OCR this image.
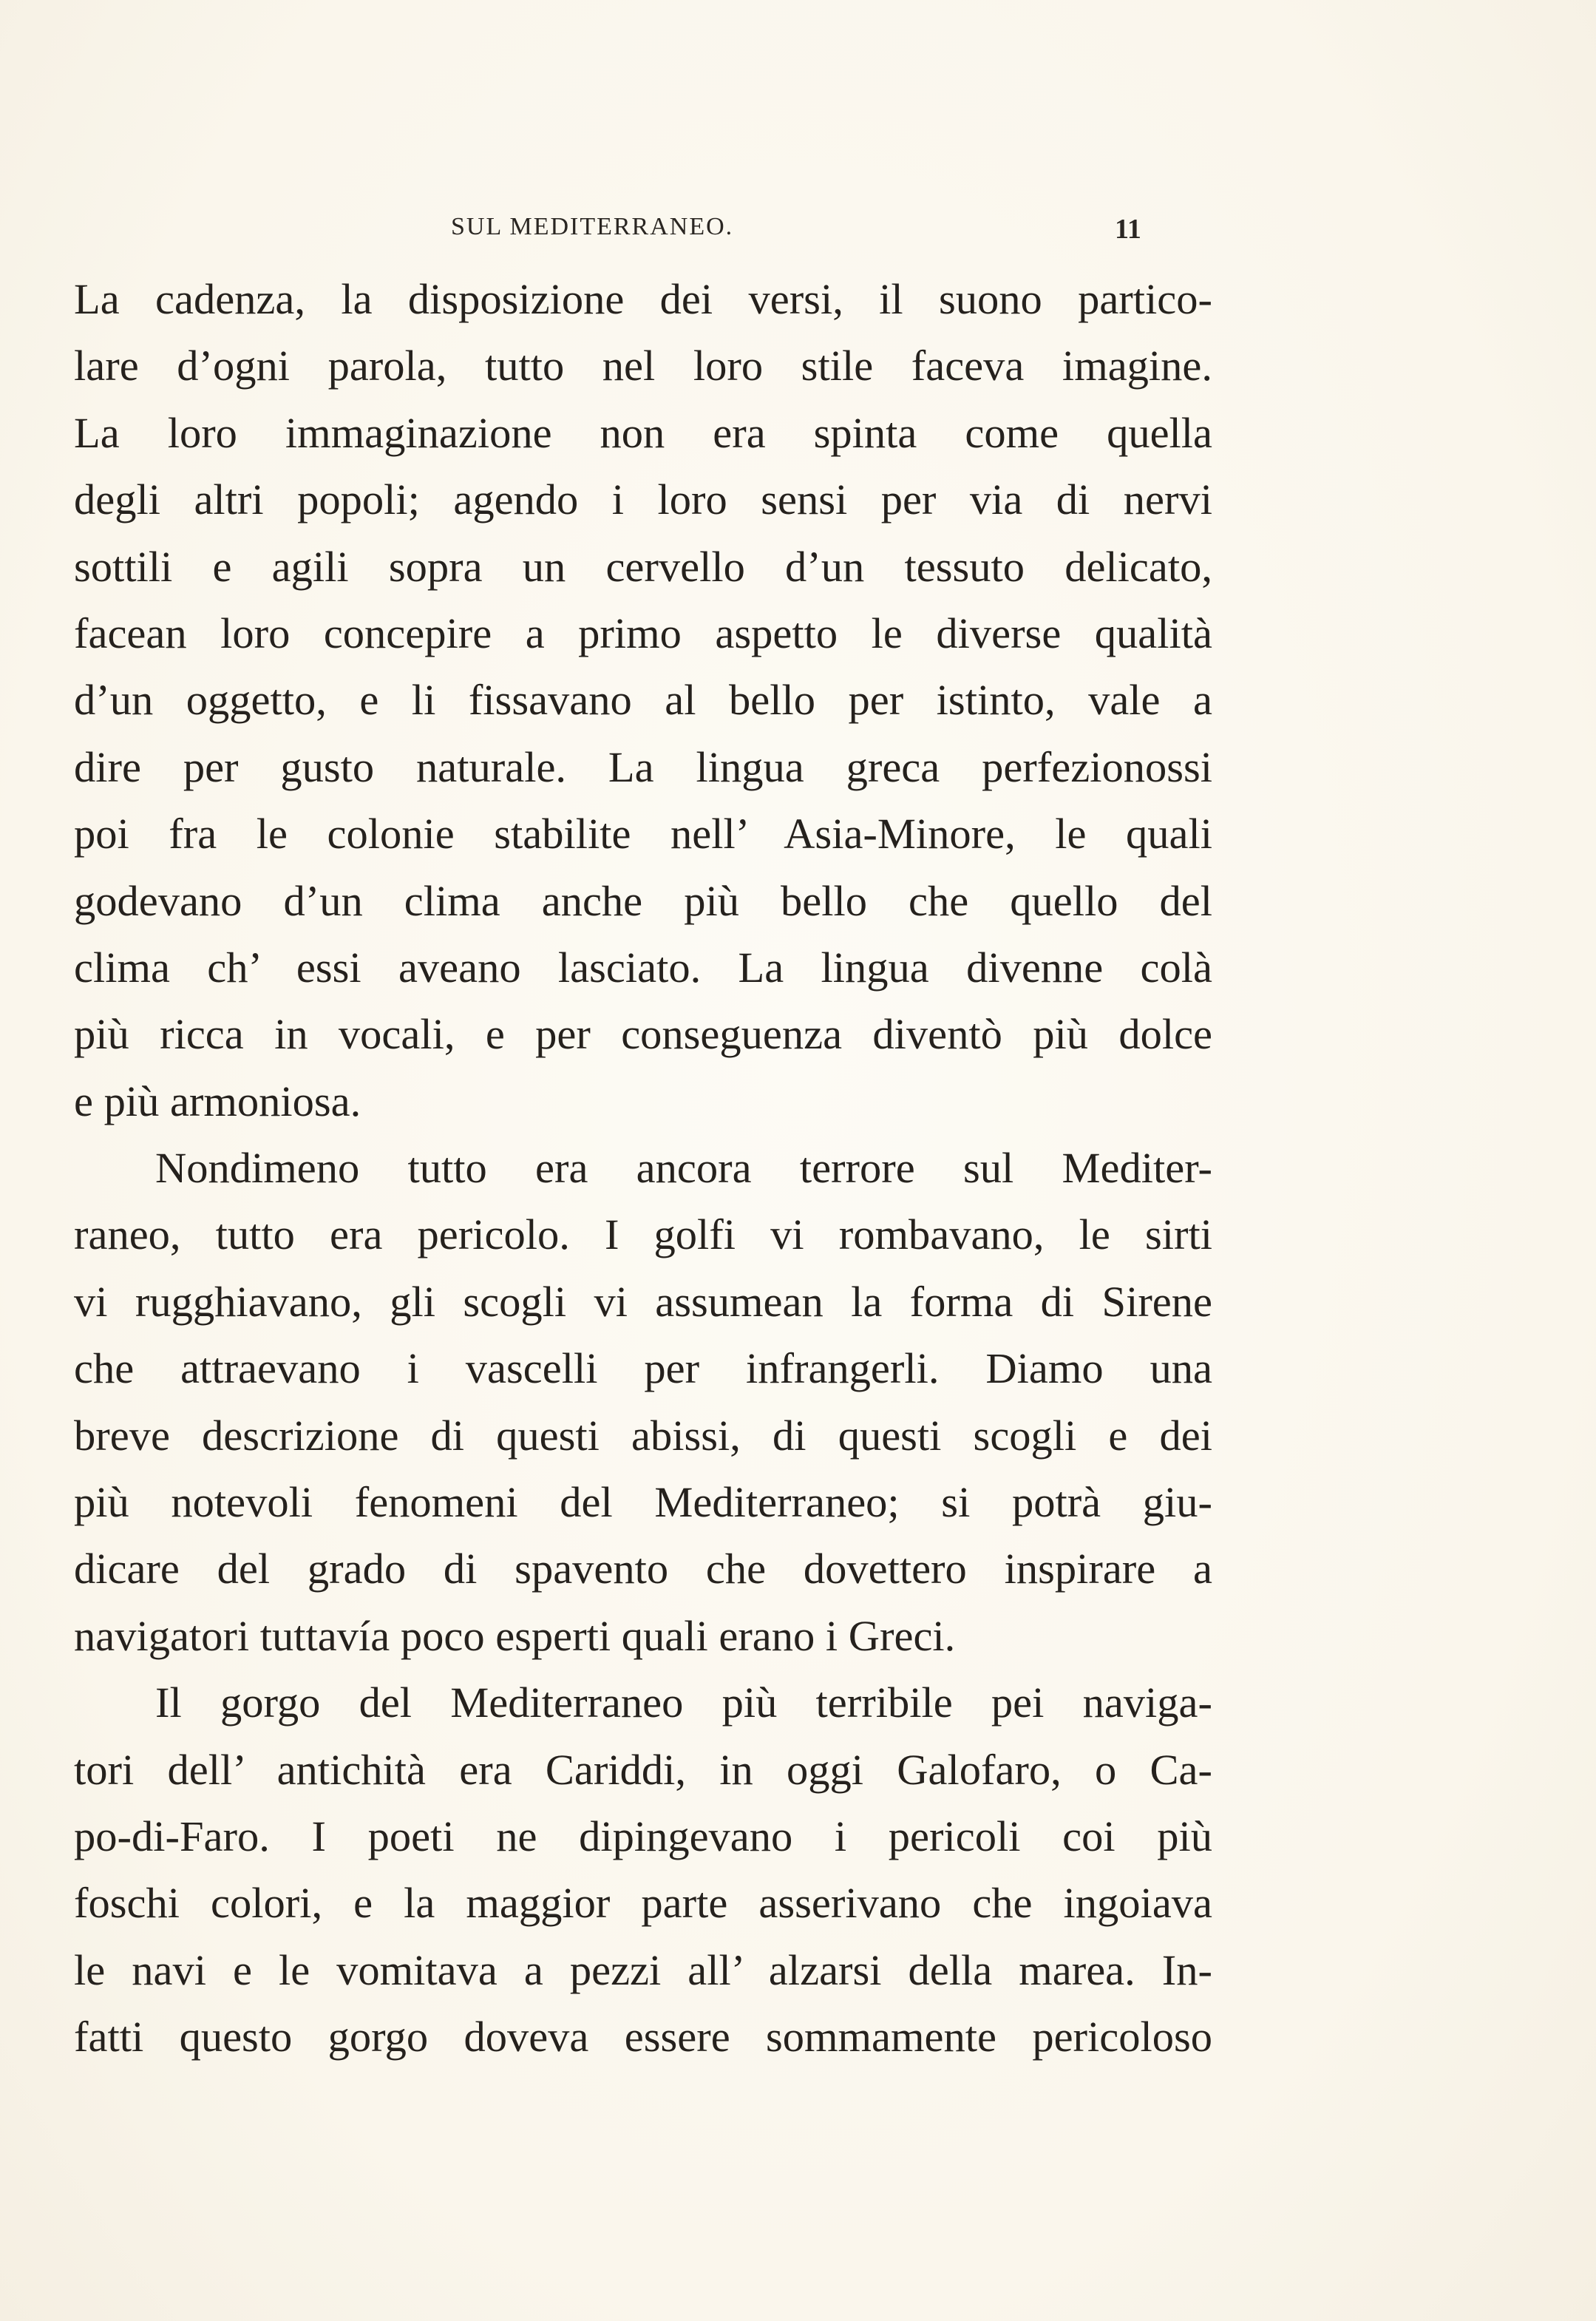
SUL MEDITERRANEO.	11
La cadenza, la disposizione dei versi, il suono partico-
lare d’ogni parola, tutto nel loro stile faceva imagine.
La loro immaginazione non era spinta come quella
degli altri popoli; agendo i loro sensi per via di nervi
sottili e agili sopra un cervello d’un tessuto delicato,
facean loro concepire a primo aspetto le diverse qualità
d’un oggetto, e li fissavano al bello per istinto, vale a
dire per gusto naturale. La lingua greca perfezionossi
poi fra le colonie stabilite nell’ Asia-Minore, le quali
godevano d’un clima anche più bello che quello del
clima ch’ essi aveano lasciato. La lingua divenne colà
più ricca in vocali, e per conseguenza diventò più dolce
e più armoniosa.
Nondimeno tutto era ancora terrore sul Mediter-
raneo, tutto era pericolo. I golfi vi rombavano, le sirti
vi rugghiavano, gli scogli vi assumean la forma di Sirene
che attraevano i vascelli per infrangerli. Diamo una
breve descrizione di questi abissi, di questi scogli e dei
più notevoli fenomeni del Mediterraneo; si potrà giu-
dicare del grado di spavento che dovettero inspirare a
navigatori tuttavía poco esperti quali erano i Greci.
Il gorgo del Mediterraneo più terribile pei naviga-
tori dell’ antichità era Cariddi, in oggi Galofaro, o Ca-
po-di-Faro. I poeti ne dipingevano i pericoli coi più
foschi colori, e la maggior parte asserivano che ingoiava
le navi e le vomitava a pezzi all’ alzarsi della marea. In-
fatti questo gorgo doveva essere sommamente pericoloso
